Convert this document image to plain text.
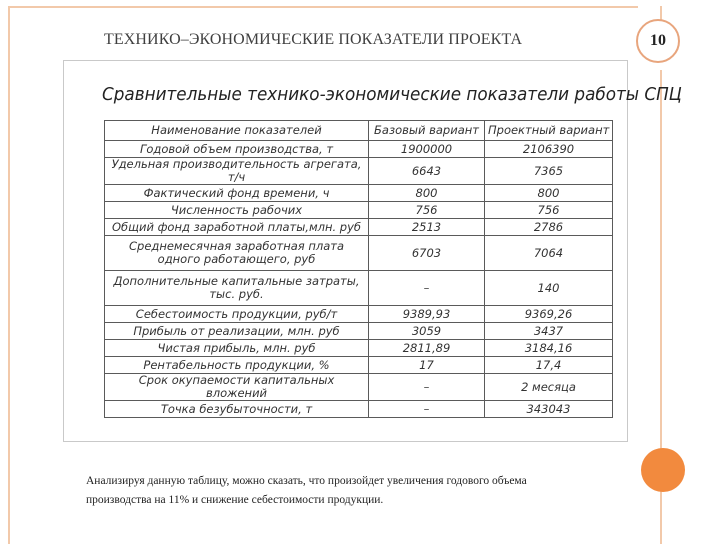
ТЕХНИКО–ЭКОНОМИЧЕСКИЕ ПОКАЗАТЕЛИ ПРОЕКТА	10
Сравнительные технико-экономические показатели работы СПЦ
Наименование показателей	Базовый вариант	Проектный вариант
Годовой объем производства, т	1900000	2106390
Удельная производительность агрегата, т/ч	6643	7365
Фактический фонд времени, ч	800	800
Численность рабочих	756	756
Общий фонд заработной платы,млн. руб	2513	2786
Среднемесячная заработная плата одного работающего, руб	6703	7064
Дополнительные капитальные затраты, тыс. руб.	–	140
Себестоимость продукции, руб/т	9389,93	9369,26
Прибыль от реализации, млн. руб	3059	3437
Чистая прибыль, млн. руб	2811,89	3184,16
Рентабельность продукции, %	17	17,4
Срок окупаемости капитальных вложений	–	2 месяца
Точка безубыточности, т	–	343043
Анализируя данную таблицу, можно сказать, что произойдет увеличения годового объема
производства на 11% и снижение себестоимости продукции.
